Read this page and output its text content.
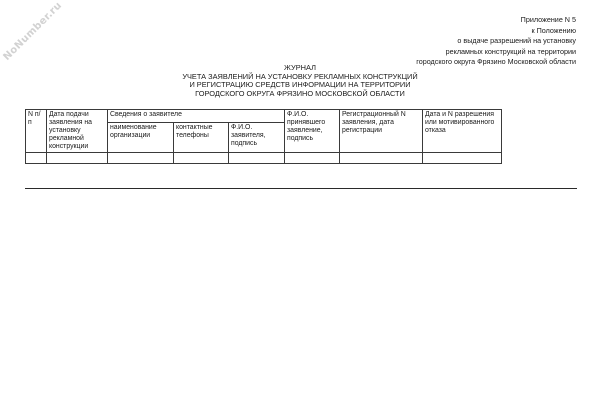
NoNumber.ru	Приложение N 5
к Положению
о выдаче разрешений на установку
рекламных конструкций на территории
городского округа Фрязино Московской области
ЖУРНАЛ
УЧЕТА ЗАЯВЛЕНИЙ НА УСТАНОВКУ РЕКЛАМНЫХ КОНСТРУКЦИЙ
И РЕГИСТРАЦИЮ СРЕДСТВ ИНФОРМАЦИИ НА ТЕРРИТОРИИ
ГОРОДСКОГО ОКРУГА ФРЯЗИНО МОСКОВСКОЙ ОБЛАСТИ
N п/п	Дата подачи заявления на установку рекламной конструкции	Сведения о заявителе			Ф.И.О. принявшего заявление, подпись	Регистрационный N заявления, дата регистрации	Дата и N разрешения или мотивированного отказа
		наименование организации	контактные телефоны	Ф.И.О. заявителя, подпись			
